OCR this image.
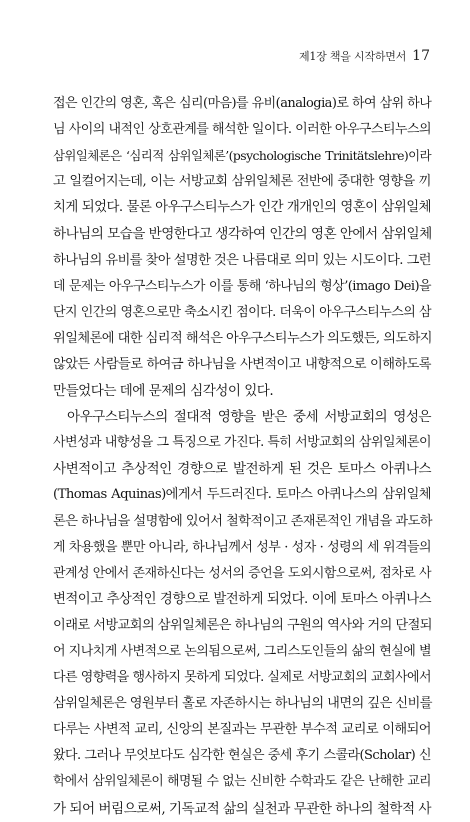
제1장 책을 시작하면서 17
접은 인간의 영혼, 혹은 심리(마음)를 유비(analogia)로 하여 삼위 하나
님 사이의 내적인 상호관계를 해석한 일이다. 이러한 아우구스티누스의
삼위일체론은 ‘심리적 삼위일체론’(psychologische Trinitätslehre)이라
고 일컬어지는데, 이는 서방교회 삼위일체론 전반에 중대한 영향을 끼
치게 되었다. 물론 아우구스티누스가 인간 개개인의 영혼이 삼위일체
하나님의 모습을 반영한다고 생각하여 인간의 영혼 안에서 삼위일체
하나님의 유비를 찾아 설명한 것은 나름대로 의미 있는 시도이다. 그런
데 문제는 아우구스티누스가 이를 통해 ‘하나님의 형상’(imago Dei)을
단지 인간의 영혼으로만 축소시킨 점이다. 더욱이 아우구스티누스의 삼
위일체론에 대한 심리적 해석은 아우구스티누스가 의도했든, 의도하지
않았든 사람들로 하여금 하나님을 사변적이고 내향적으로 이해하도록
만들었다는 데에 문제의 심각성이 있다.
아우구스티누스의 절대적 영향을 받은 중세 서방교회의 영성은
사변성과 내향성을 그 특징으로 가진다. 특히 서방교회의 삼위일체론이
사변적이고 추상적인 경향으로 발전하게 된 것은 토마스 아퀴나스
(Thomas Aquinas)에게서 두드러진다. 토마스 아퀴나스의 삼위일체
론은 하나님을 설명함에 있어서 철학적이고 존재론적인 개념을 과도하
게 차용했을 뿐만 아니라, 하나님께서 성부 · 성자 · 성령의 세 위격들의
관계성 안에서 존재하신다는 성서의 증언을 도외시함으로써, 점차로 사
변적이고 추상적인 경향으로 발전하게 되었다. 이에 토마스 아퀴나스
이래로 서방교회의 삼위일체론은 하나님의 구원의 역사와 거의 단절되
어 지나치게 사변적으로 논의됨으로써, 그리스도인들의 삶의 현실에 별
다른 영향력을 행사하지 못하게 되었다. 실제로 서방교회의 교회사에서
삼위일체론은 영원부터 홀로 자존하시는 하나님의 내면의 깊은 신비를
다루는 사변적 교리, 신앙의 본질과는 무관한 부수적 교리로 이해되어
왔다. 그러나 무엇보다도 심각한 현실은 중세 후기 스콜라(Scholar) 신
학에서 삼위일체론이 해명될 수 없는 신비한 수학과도 같은 난해한 교리
가 되어 버림으로써, 기독교적 삶의 실천과 무관한 하나의 철학적 사
